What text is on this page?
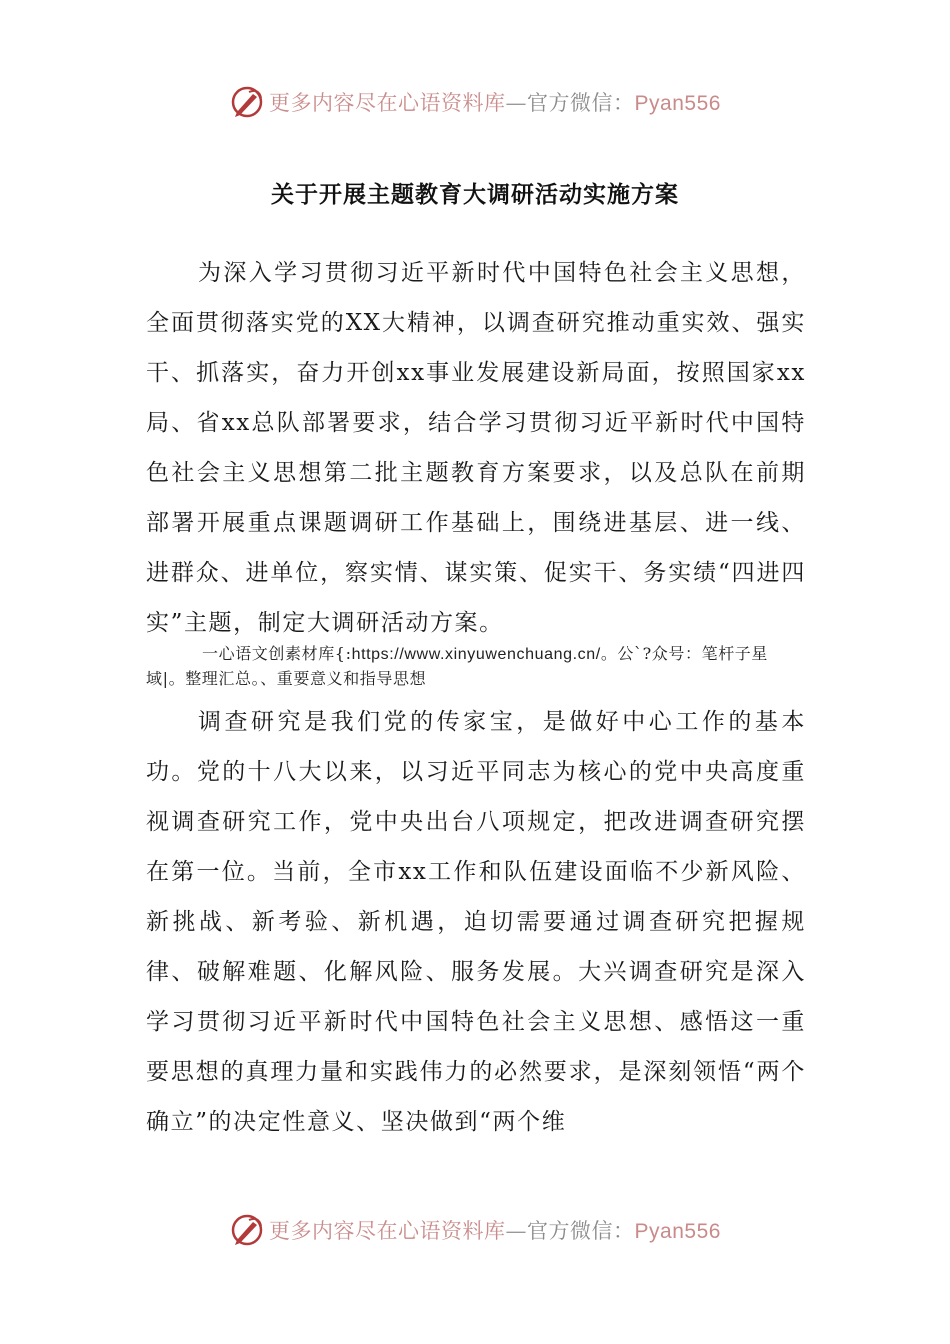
更多内容尽在心语资料库—官方微信：Pyan556
关于开展主题教育大调研活动实施方案

为深入学习贯彻习近平新时代中国特色社会主义思想，全面贯彻落实党的XX大精神，以调查研究推动重实效、强实干、抓落实，奋力开创xx事业发展建设新局面，按照国家xx局、省xx总队部署要求，结合学习贯彻习近平新时代中国特色社会主义思想第二批主题教育方案要求，以及总队在前期部署开展重点课题调研工作基础上，围绕进基层、进一线、进群众、进单位，察实情、谋实策、促实干、务实绩“四进四实”主题，制定大调研活动方案。

一心语文创素材库{:https://www.xinyuwenchuang.cn/。公`?众号：笔杆子星域|。整理汇总。、重要意义和指导思想

调查研究是我们党的传家宝，是做好中心工作的基本功。党的十八大以来，以习近平同志为核心的党中央高度重视调查研究工作，党中央出台八项规定，把改进调查研究摆在第一位。当前，全市xx工作和队伍建设面临不少新风险、新挑战、新考验、新机遇，迫切需要通过调查研究把握规律、破解难题、化解风险、服务发展。大兴调查研究是深入学习贯彻习近平新时代中国特色社会主义思想、感悟这一重要思想的真理力量和实践伟力的必然要求，是深刻领悟“两个确立”的决定性意义、坚决做到“两个维

更多内容尽在心语资料库—官方微信：Pyan556
